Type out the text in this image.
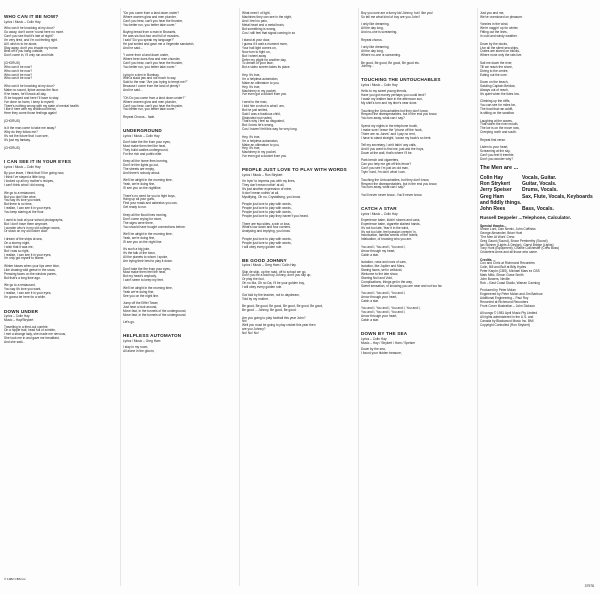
WHO CAN IT BE NOW?
Lyrics / Music – Colin Hay
Who can it be knocking at my door?
Go away, don't come 'round here no more.
Can't you see that it's late at night?
I'm very tired, and I'm not feeling right.
All I wish is to be alone,
Stay away, don't you invade my home.
Best off if you hang outside,
Don't come in, I'll only run and hide.
(CHORUS)
Who can it be now?
Who can it be now?
Who can it be now?
Who can it be now?
Who can it be knocking at my door?
Make no sound, tiptoe across the floor.
If he hears, he'll knock all day,
I'll be trapped and here I'll have to stay.
I've done no harm, I keep to myself,
There's nothing wrong with my state of mental health.
I like it here with my childhood friend,
Here they come those feelings again!
(CHORUS)
Is it the man come to take me away?
Why do they follow me?
It's not the future that I can see,
It's just my fantasy.
(CHORUS)
I CAN SEE IT IN YOUR EYES
Lyrics / Music – Colin Hay
By your leave, I think that I'll be going now,
I think I've stayed a little long.
I looked up all my mother's recipes,
I can't think what I did wrong.
We go to a restaurant,
But you don't like wine,
You say it's love you want,
But there is no time,
I realise, I can see it in your eyes,
You keep staring at the floor.
I used to look at your school photographs,
But I don't have them anymore,
I wonder who's in my old college rooms,
Or stuck on my old locker door.
I dream of the ships at sea,
On a stormy night,
I wish that it was me,
But I was so right,
I realise, I can see it in your eyes,
I'm only got myself to blame.
Winter kisses when your lips were blue,
Like chasing wild geese in the snow,
Pressing faces on the window panes,
But that's a long time ago.
We go to a restaurant,
You say it's love you want,
I realise, I can see it in your eyes,
I'm gonna be here for a while.
DOWN UNDER
Lyrics – Colin Hay
Music – Hay/Strykert
Travelling in a fried-out combie,
On a hippie trail, head full of zombie,
I met a strange lady, she made me nervous,
She took me in and gave me breakfast,
And she said...
© 1982 CBS Inc.
"Do you come from a land down under?
Where women glow and men plunder,
Can't you hear, can't you hear the thunder,
You better run, you better take cover."
Buying bread from a man in Brussels,
He was six-foot-four and full of muscles,
I said "Do you speak my language?"
He just smiled and gave me a Vegemite sandwich,
And he said...
"I come from a land down under,
Where beer does flow and men chunder,
Can't you hear, can't you hear the thunder,
You better run, you better take cover."
Lying in a den in Bombay,
With a slack jaw and not much to say,
Said to the man "Are you trying to tempt me?"
Because I come from the land of plenty?
And he said...
"Oh Do you come from a land down under?"
Where women glow and men plunder,
Can't you hear, can't you hear the thunder,
You better run, you better take cover."
Repeat Chorus... fade.
UNDERGROUND
Lyrics / Music – Colin Hay
Don't take the fire from your eyes,
Must make them feel the heat,
They build castles underground,
For the rich and public elite.
Keep all the home fires burning,
Don't let the lights go out,
The streets are empty,
And there's nobody about.
We'll be alright in the morning time,
Yeah, we're doing fine,
I'll see you on the nightline.
There's no need for you to fight boys,
Hang up all your guns,
Find your mask and asbestos you can,
Get ready to run.
Keep all the flood lines moving,
Don't come crying for more,
The signs were there,
You should have bought connections before.
We'll be alright in the morning time,
Yeah, we're doing fine,
I'll see you on the night line.
It's such a big joke,
It's the talk of the town,
All the planets to whom I spoke,
Are trying their best to play it down.
Don't take the fire from your eyes,
Must make them feel the heat,
But my head's anybody,
I can't seem to keep my feet.
We'll be alright in the morning time,
Yeah we're doing fine,
See you on the night line.
Jump off the Eiffel Tower,
Just hear a look around,
Move fast, in the tunnels of the underground,
Move fast, in the tunnels of the underground.
Let's go.
HELPLESS AUTOMATON
Lyrics / Music – Greg Ham
I stay in my room,
All alone in the gloom,
What need I of light,
Machines they can see in the night,
And I feel no pain,
Metal heart and a metal brain,
But something is wrong,
Cos I still feel that signal coming in so
I stand at your door,
I guess if it wait a moment more,
Your hall light comes on,
Now turn to fight on,
But I wheel away
Defer my plight for another day,
To dream of your face,
But a video screen takes its place.
Hey, it's true,
I'm a helpless automaton,
Make an ultimatum to you,
Hey, it's true,
Machinery in my pocket,
I've even got a docket from you.
I went to the man,
I told him a robot is what I am,
But he just smiled,
Said I was a fractious child,
Distrusted not rusted,
That's why I feel so disgusted,
But I know he's wrong,
Cos I haven't felt this way for very long.
Hey, it's true,
I'm a helpless automaton,
Make an ultimatum to you,
Hey, it's true,
Machinery in my pocket,
I've even got a docket from you.
PEOPLE JUST LOVE TO PLAY WITH WORDS
Lyrics / Music – Ron Strykert
I'm tryin' to impress you with my lines,
They don't mean nothin' at all,
It's just another expression of mine,
It don't mean nothin' at all,
Mystifying, Oh no, Crystalising, you know.
People just love to play with words,
People just love to play with words,
People just love to play with words,
People just love to play they haven't you heard.
There are two sides, a win or loss,
What's low down and four corners,
Analysing and implying, you know.
People just love to play with words,
People just love to play with words,
I will obey every golden rule.
BE GOOD JOHNNY
Lyrics / Music – Greg Ham / Colin Hay
Skip de skip, up the road, off to school we go,
Don't you be a bad boy Johnny, don't you slip up,
Or play the fool,
Oh no Ma, Oh no Da, I'll be your golden boy,
I will obey every golden rule.
Got told by the teacher, not to daydream,
Told by my mother.
Be good, Be good, Be good, Be good, Be good, Be good,
Be good ... Johnny, Be good, Be good.
Are you going to play football this year John?
No!
Well you must be going to play cricket this year then
are you Johnny?
No! No! No!
Boy you sure are a funny kid Johnny, but I like you!
So tell me what kind of boy are you John?
I only like dreaming,
All the day long,
And no-one is screaming.
Repeat chorus.
I only like dreaming,
All the day long,
Where no-one is screaming.
Be good, Be good, Be good, Be good etc.
Johnny...
TOUCHING THE UNTOUCHABLES
Lyrics / Music – Colin Hay
Hello to my sweet young friends,
Have you got money perhaps you could lend?
I wash my leather face in the afternoon sun,
My shirt's torn and my time's near done.
Touching the Untouchables but they don't know,
Respect the disrespectables, but in the end you know,
You turn away, what can I say?
Spend my nights in the telephone booth,
I make sure I leave the "phone off the hook,
There are no Jones" and I pay no rent,
I have to stand straight, 'cause my back's so bent.
Tell my secretary, I ain't takin' any calls,
And if you want to find me, just ask the boys,
Down at the wall, that's where I'll be.
Park bench and cigarettes,
Can you help me get off this fence?
Can't you see I'm just an old man,
Tryin' hard, I'm doin' what I can.
Touching the Untouchables, but they don't know,
Respect the disrespectables, but in the end you know,
You turn away, what can I say?
You'll never never know...You'll never know.
CATCH A STAR
Lyrics / Music – Colin Hay
Experience babe, kickin' stones and cans,
Experience babe, cigarette stained hands,
It's not too late, 'fear it in the wind,
It's not too late, feel passion creepin' in,
Intoxication, familiar smells of the hotels,
Infatuation, of knowing who you are.
You and I, You and I, You and I,
Arrow through my heart,
Catch a star.
Isolation, rows and rows of cars,
Isolation, like Jupiter and Mars,
Staring faces, set in celluloid,
Welcome to the late show,
Starring Null and Void,
Complications, things get in the way,
Sweet sensation, of knowing you are near and not too far.
You and I, You and I, You and I,
Arrow through your heart,
Catch a star.
You and I, You and I, You and I, You and I,
You and I, You and I, You and I,
Arrow through your heart,
Catch a star.
DOWN BY THE SEA
Lyrics – Colin Hay
Music – Hay / Strykert / Ham / Speiser
Down by the sea,
I found your hidden treasure,
Just you and me,
We've overdosed on pleasure.
Yonnies in the wind,
We're naggin' up for winter,
Fitting out the lines,
In cold and windy weather.
Down by the docks,
Live all the silent sea ships,
Crates are stored on blocks,
Where none only the rats live.
Sail me down the river,
Till we reach the shore,
Diving to the centre,
Eating out the core.
Down on the beach,
Saluting Captain Beldow,
Always out of reach,
It's quiet when the tides low.
Climbing up the cliffs,
You can see for miles far,
The boat that ran adrift,
Is sitting on the sandbar.
Laughing at the waves,
That storm the river mouth,
The ice is on the move now,
Creeping north and south.
Repeat first verse.
Listen to your heart,
Screaming at the sky,
Can't you feel it tremble,
Don't you wonder why?
The Men are ...
Colin Hay	Vocals, Guitar.
Ron Strykert Guitar, Vocals.
Jerry Speiser Drums, Vocals.
Greg Ham	Sax, Flute, Vocals, Keyboards and fiddly things.
John Rees	Bass, Vocals.
Russell Deppeler ...Telephone, Calculator.
Special thanks...
Simon Lord, Dan Nemix, John Coffiniss
George Alexander, Brian Hoel
'The Men At Work' Crew:
Greg Gaunt (Sound), Bruce Pemberthy (Sound)
Ian Skinner (Lights & Design), Garryl Bridge (Lights)
Tony Hunt (Equipment), Charlie Colchester (Crew Boss)
Cricketers Arms and all those who came.
Credits ...
Con and Chris at Richmond Recorders
Colin, Bill and Bulf at Billy Hydes
Peter Karpin (CBS), Michael Mars ex CBS
Mark Mitic, Simon Gowe Smith
John Bowers, Neville
Rob – East Coast Studio, Warran Canning
Produced by Peter Mclan
Engineered by Peter Mclan and Jim Barbour
Additional Engineering – Paul Roy
Recorded at Richmond Recorders
Front Cover Illustration – John Dickson
All songs © 1981 April Music Pty Limited
All rights administered in the U.S. and
Canada by Blackwood Music Inc. BMI
Copyright Controlled (Ron Strykert)
37978
